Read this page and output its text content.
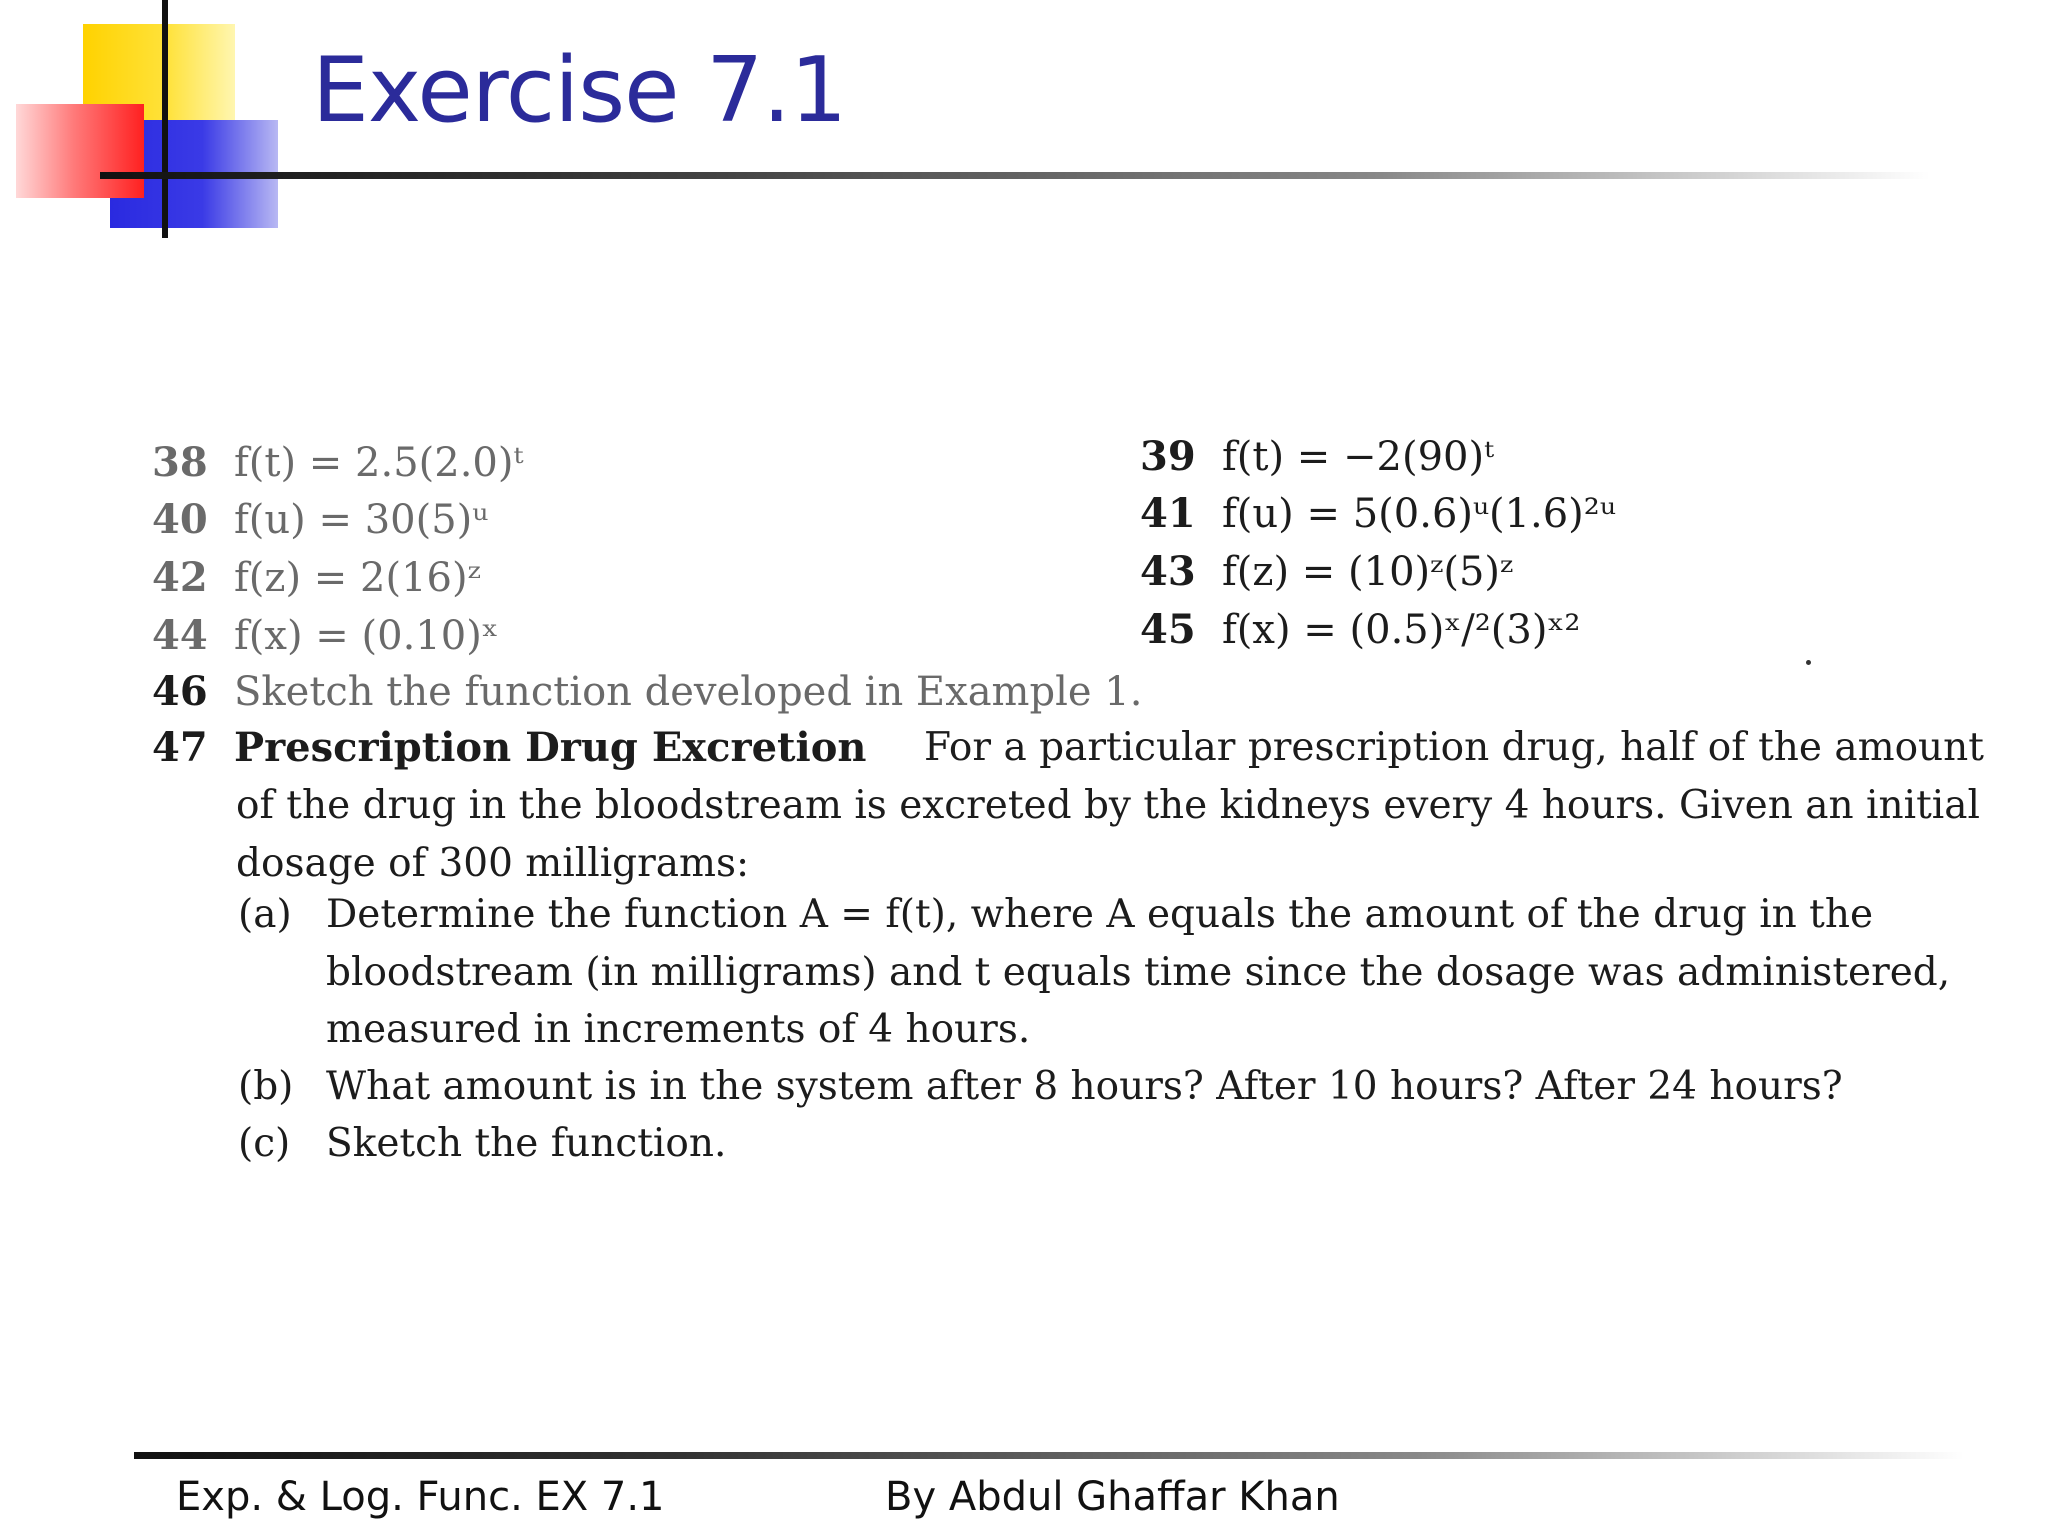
Exercise 7.1
38 f(t) = 2.5(2.0)ᵗ	39 f(t) = −2(90)ᵗ
40 f(u) = 30(5)ᵘ	41 f(u) = 5(0.6)ᵘ(1.6)²ᵘ
42 f(z) = 2(16)ᶻ	43 f(z) = (10)ᶻ(5)ᶻ
44 f(x) = (0.10)ˣ	45 f(x) = (0.5)ˣ/²(3)ˣ²
46 Sketch the function developed in Example 1.
47 Prescription Drug Excretion For a particular prescription drug, half of the amount
of the drug in the bloodstream is excreted by the kidneys every 4 hours. Given an initial
dosage of 300 milligrams:
(a) Determine the function A = f(t), where A equals the amount of the drug in the
bloodstream (in milligrams) and t equals time since the dosage was administered,
measured in increments of 4 hours.
(b) What amount is in the system after 8 hours? After 10 hours? After 24 hours?
(c) Sketch the function.
Exp. & Log. Func. EX 7.1	By Abdul Ghaffar Khan
